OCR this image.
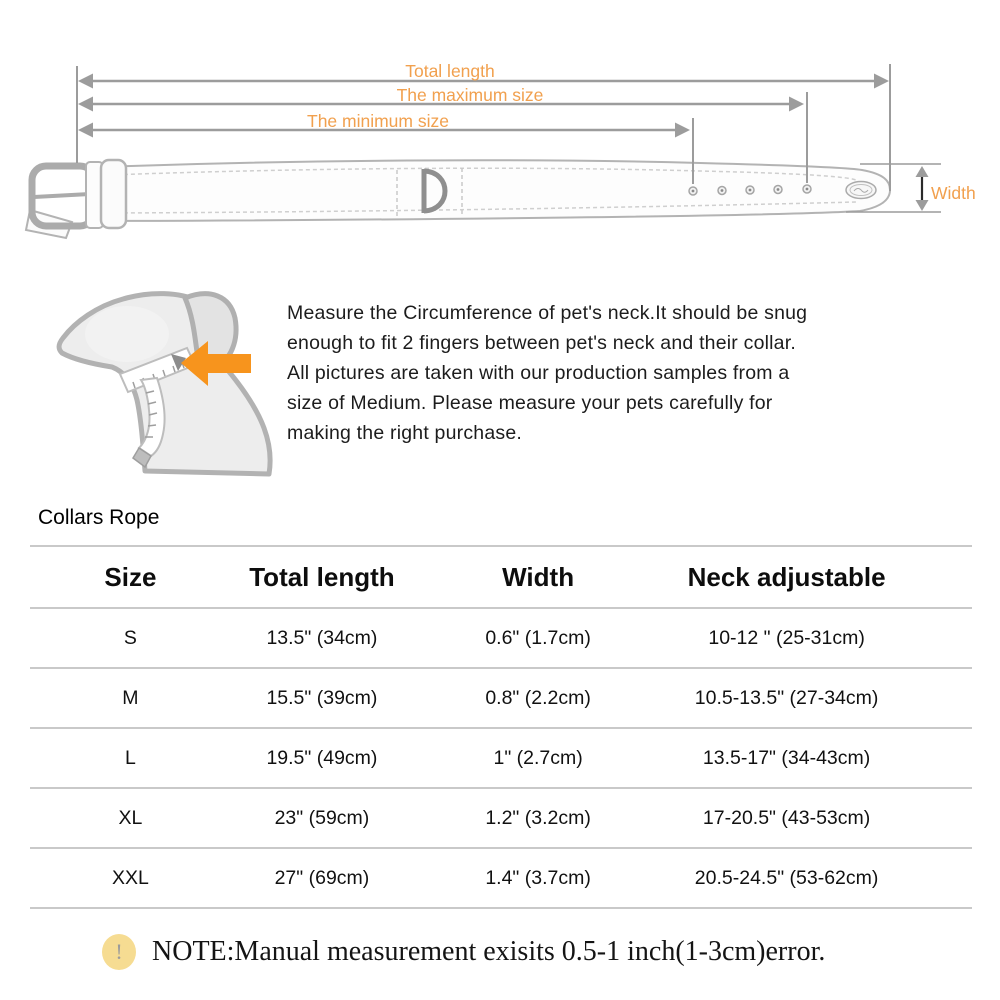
Total length
The maximum size
The minimum size
Width
Measure the Circumference of pet's neck.It should be snug
enough to fit 2 fingers between pet's neck and their collar.
All pictures are taken with our production samples from a
size of Medium. Please measure your pets carefully for
making the right purchase.
Collars Rope
Size	Total length	Width	Neck adjustable
S	13.5" (34cm)	0.6" (1.7cm)	10-12 " (25-31cm)
M	15.5" (39cm)	0.8" (2.2cm)	10.5-13.5" (27-34cm)
L	19.5" (49cm)	1" (2.7cm)	13.5-17" (34-43cm)
XL	23" (59cm)	1.2" (3.2cm)	17-20.5" (43-53cm)
XXL	27" (69cm)	1.4" (3.7cm)	20.5-24.5" (53-62cm)
!	NOTE:Manual measurement exisits 0.5-1 inch(1-3cm)error.
